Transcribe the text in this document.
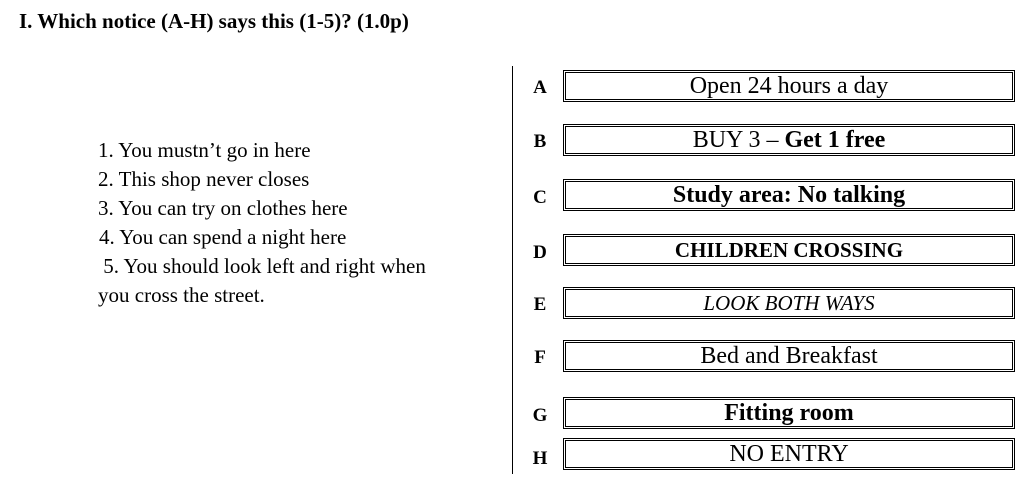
I. Which notice (A-H) says this (1-5)? (1.0p)
1. You mustn’t go in here
2. This shop never closes
3. You can try on clothes here
4. You can spend a night here
5. You should look left and right when
you cross the street.
A	Open 24 hours a day
B	BUY 3 – Get 1 free
C	Study area: No talking
D	CHILDREN CROSSING
E	LOOK BOTH WAYS
F	Bed and Breakfast
G	Fitting room
H	NO ENTRY
